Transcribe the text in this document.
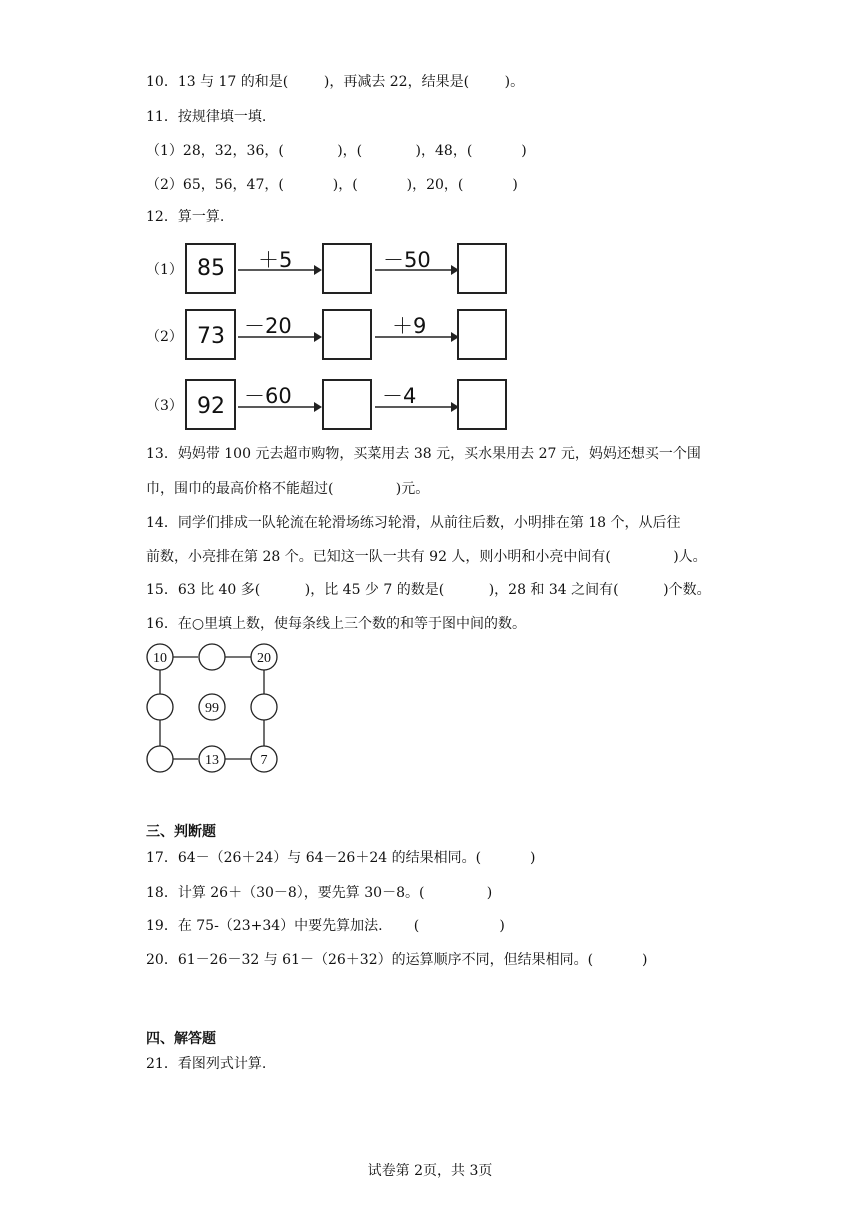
10．13 与 17 的和是(        )，再减去 22，结果是(        )。
11．按规律填一填.
（1）28，32，36，(            )，(            )，48，(           )
（2）65，56，47，(           )，(           )，20，(           )
12．算一算.
（1） 85 ＋5	－50
（2） 73 －20	＋9
（3） 92 －60	－4
13．妈妈带 100 元去超市购物，买菜用去 38 元，买水果用去 27 元，妈妈还想买一个围
巾，围巾的最高价格不能超过(              )元。
14．同学们排成一队轮流在轮滑场练习轮滑，从前往后数，小明排在第 18 个，从后往
前数，小亮排在第 28 个。已知这一队一共有 92 人，则小明和小亮中间有(              )人。
15．63 比 40 多(          )，比 45 少 7 的数是(          )，28 和 34 之间有(          )个数。
16．在○里填上数，使每条线上三个数的和等于图中间的数。
10	20
99
13	7
三、判断题
17．64－（26＋24）与 64－26＋24 的结果相同。(           )
18．计算 26＋（30－8），要先算 30－8。(              )
19．在 75-（23+34）中要先算加法.       (                  )
20．61－26－32 与 61－（26＋32）的运算顺序不同，但结果相同。(           )
四、解答题
21．看图列式计算.
试卷第 2页，共 3页
